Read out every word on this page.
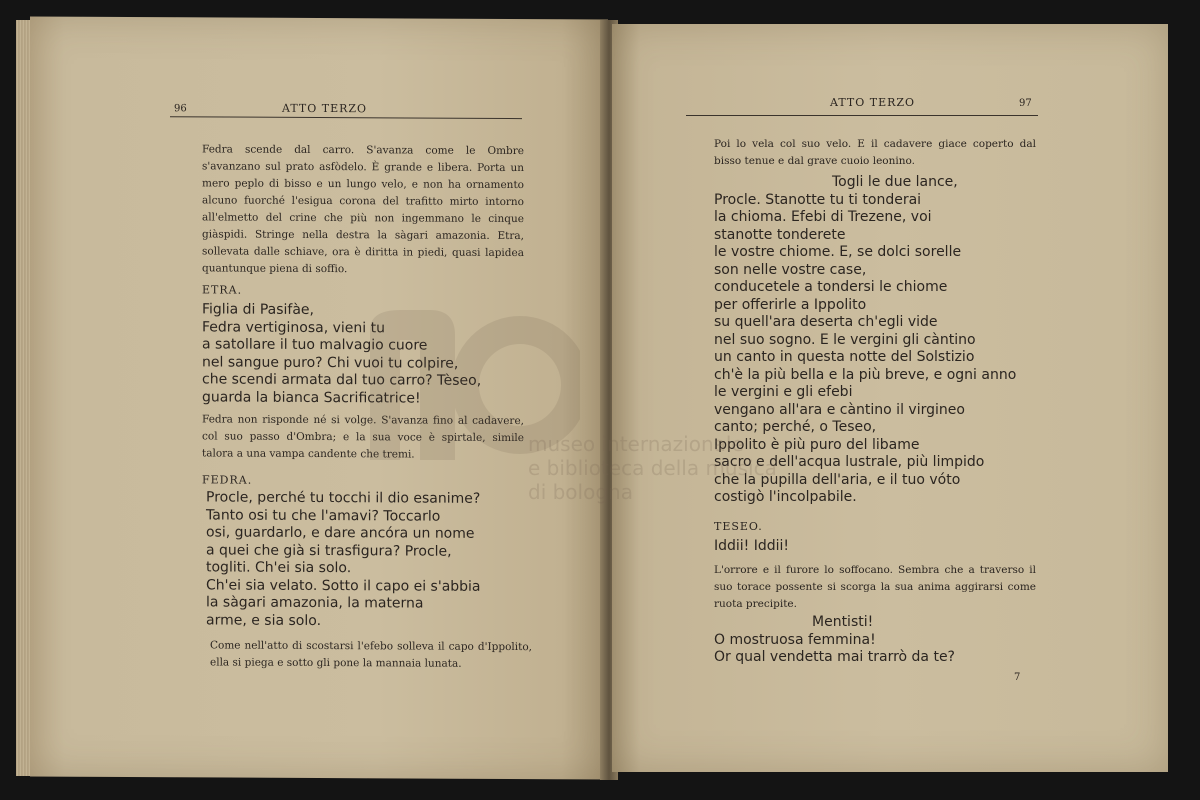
96	ATTO TERZO

Fedra scende dal carro. S'avanza come le Ombre s'avanzano sul prato asfòdelo. È grande e libera. Porta un mero peplo di bisso e un lungo velo, e non ha ornamento alcuno fuorché l'esigua corona del trafitto mirto intorno all'elmetto del crine che più non ingemmano le cinque giàspidi. Stringe nella destra la sàgari amazonia. Etra, sollevata dalle schiave, ora è diritta in piedi, quasi lapidea quantunque piena di soffio.

ETRA.

Figlia di Pasifàe,
Fedra vertiginosa, vieni tu
a satollare il tuo malvagio cuore
nel sangue puro? Chi vuoi tu colpire,
che scendi armata dal tuo carro? Tèseo,
guarda la bianca Sacrificatrice!

Fedra non risponde né si volge. S'avanza fino al cadavere, col suo passo d'Ombra; e la sua voce è spirtale, simile talora a una vampa candente che tremi.

FEDRA.

Procle, perché tu tocchi il dio esanime?
Tanto osi tu che l'amavi? Toccarlo
osi, guardarlo, e dare ancóra un nome
a quei che già si trasfigura? Procle,
togliti. Ch'ei sia solo.
Ch'ei sia velato. Sotto il capo ei s'abbia
la sàgari amazonia, la materna
arme, e sia solo.

Come nell'atto di scostarsi l'efebo solleva il capo d'Ippolito, ella si piega e sotto gli pone la mannaia lunata.

ATTO TERZO	97

Poi lo vela col suo velo. E il cadavere giace coperto dal bisso tenue e dal grave cuoio leonino.

Togli le due lance,
Procle. Stanotte tu ti tonderai
la chioma. Efebi di Trezene, voi
stanotte tonderete
le vostre chiome. E, se dolci sorelle
son nelle vostre case,
conducetele a tondersi le chiome
per offerirle a Ippolito
su quell'ara deserta ch'egli vide
nel suo sogno. E le vergini gli càntino
un canto in questa notte del Solstizio
ch'è la più bella e la più breve, e ogni anno
le vergini e gli efebi
vengano all'ara e càntino il virgineo
canto; perché, o Teseo,
Ippolito è più puro del libame
sacro e dell'acqua lustrale, più limpido
che la pupilla dell'aria, e il tuo vóto
costigò l'incolpabile.

TESEO.

Iddii! Iddii!

L'orrore e il furore lo soffocano. Sembra che a traverso il suo torace possente si scorga la sua anima aggirarsi come ruota precipite.

Mentisti!
O mostruosa femmina!
Or qual vendetta mai trarrò da te?
7
museo internazionale
e biblioteca della musica
di bologna
